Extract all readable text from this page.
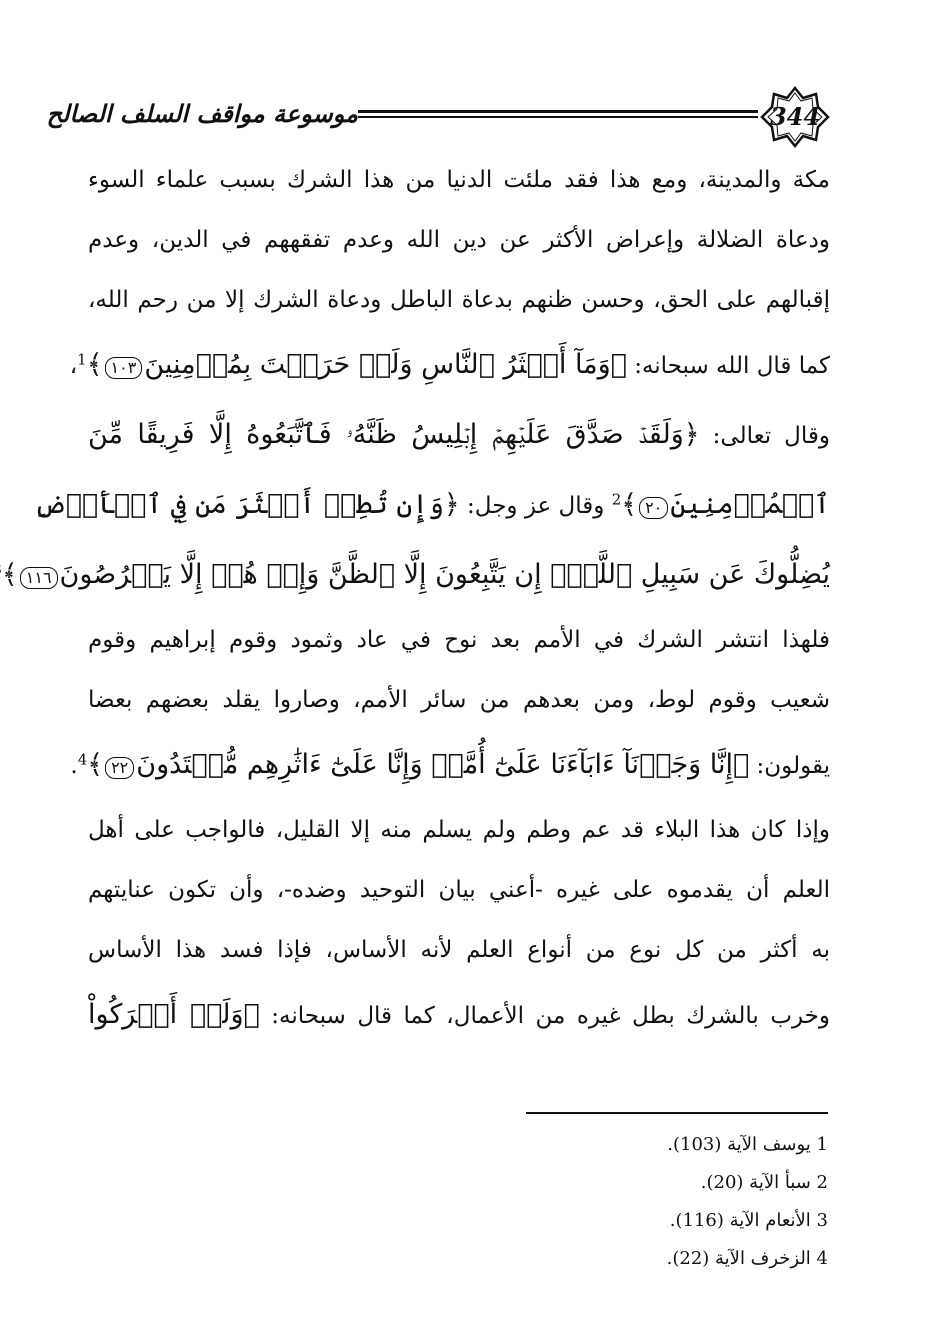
موسوعة مواقف السلف الصالح	344
مكة والمدينة، ومع هذا فقد ملئت الدنيا من هذا الشرك بسبب علماء السوء
ودعاة الضلالة وإعراض الأكثر عن دين الله وعدم تفقههم في الدين، وعدم
إقبالهم على الحق، وحسن ظنهم بدعاة الباطل ودعاة الشرك إلا من رحم الله،
كما قال الله سبحانه: ﴿وَمَآ أَكۡثَرُ ٱلنَّاسِ وَلَوۡ حَرَصۡتَ بِمُؤۡمِنِينَ١٠٣﴾$^1$،
وقال تعالى: ﴿وَلَقَدۡ صَدَّقَ عَلَيۡهِمۡ إِبۡلِيسُ ظَنَّهُۥ فَٱتَّبَعُوهُ إِلَّا فَرِيقًا مِّنَ
ٱلۡمُؤۡمِنِينَ٢٠﴾$^2$ وقال عز وجل: ﴿وَإِن تُطِعۡ أَكۡثَرَ مَن فِي ٱلۡأَرۡضِ
يُضِلُّوكَ عَن سَبِيلِ ٱللَّهِۚ إِن يَتَّبِعُونَ إِلَّا ٱلظَّنَّ وَإِنۡ هُمۡ إِلَّا يَخۡرُصُونَ١١٦﴾
فلهذا انتشر الشرك في الأمم بعد نوح في عاد وثمود وقوم إبراهيم وقوم
شعيب وقوم لوط، ومن بعدهم من سائر الأمم، وصاروا يقلد بعضهم بعضا
يقولون: ﴿إِنَّا وَجَدۡنَآ ءَابَآءَنَا عَلَىٰٓ أُمَّةٖ وَإِنَّا عَلَىٰٓ ءَاثَٰرِهِم مُّهۡتَدُونَ٢٢﴾$^4$.
وإذا كان هذا البلاء قد عم وطم ولم يسلم منه إلا القليل، فالواجب على أهل
العلم أن يقدموه على غيره -أعني بيان التوحيد وضده-، وأن تكون عنايتهم
به أكثر من كل نوع من أنواع العلم لأنه الأساس، فإذا فسد هذا الأساس
وخرب بالشرك بطل غيره من الأعمال، كما قال سبحانه: ﴿وَلَوۡ أَشۡرَكُواْ
1 يوسف الآية (103).
2 سبأ الآية (20).
3 الأنعام الآية (116).
4 الزخرف الآية (22).
